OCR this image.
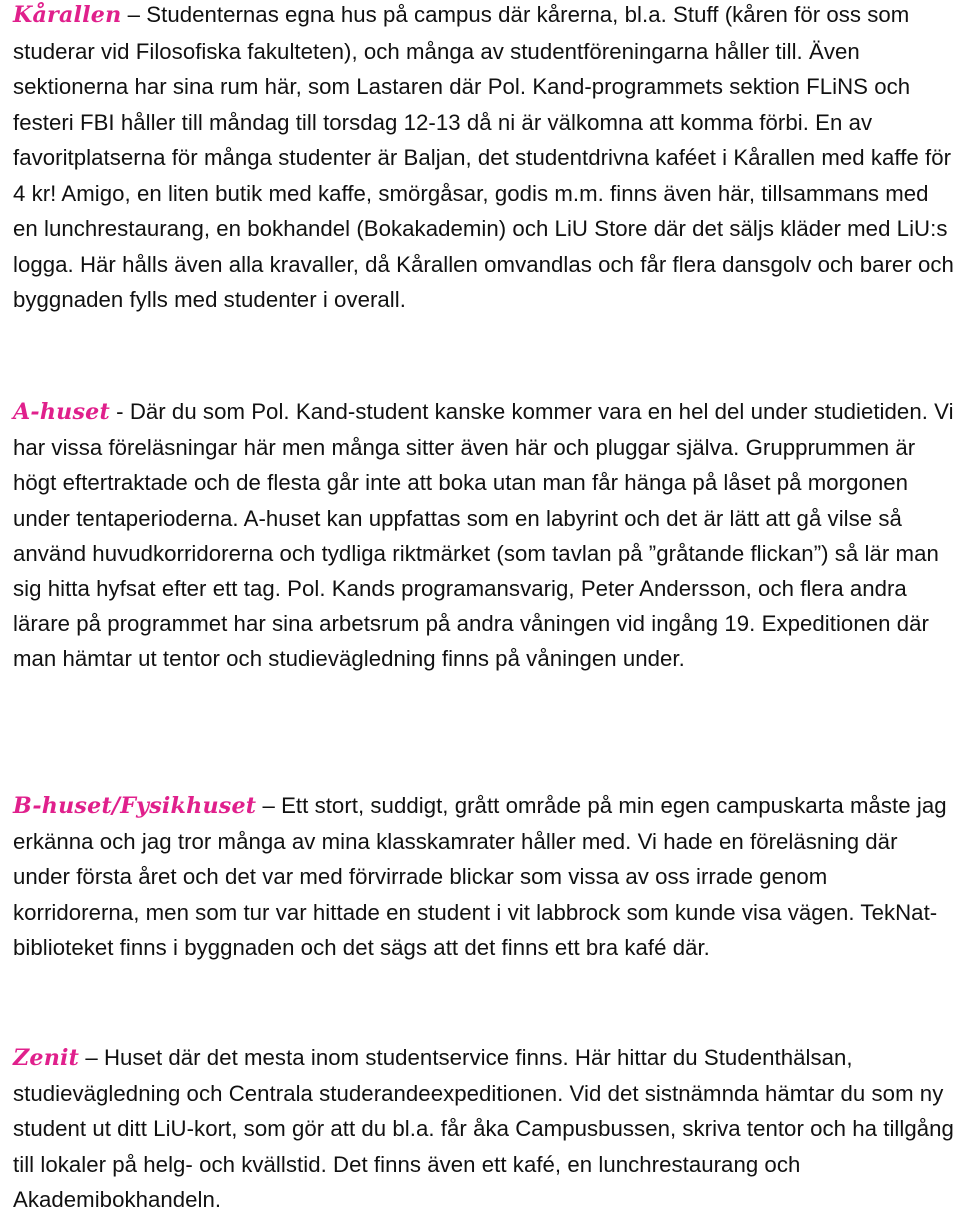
Kårallen – Studenternas egna hus på campus där kårerna, bl.a. Stuff (kåren för oss som studerar vid Filosofiska fakulteten), och många av studentföreningarna håller till. Även sektionerna har sina rum här, som Lastaren där Pol. Kand-programmets sektion FLiNS och festeri FBI håller till måndag till torsdag 12-13 då ni är välkomna att komma förbi. En av favoritplatserna för många studenter är Baljan, det studentdrivna kaféet i Kårallen med kaffe för 4 kr! Amigo, en liten butik med kaffe, smörgåsar, godis m.m. finns även här, tillsammans med en lunchrestaurang, en bokhandel (Bokakademin) och LiU Store där det säljs kläder med LiU:s logga. Här hålls även alla kravaller, då Kårallen omvandlas och får flera dansgolv och barer och byggnaden fylls med studenter i overall.

A-huset - Där du som Pol. Kand-student kanske kommer vara en hel del under studietiden. Vi har vissa föreläsningar här men många sitter även här och pluggar själva. Grupprummen är högt eftertraktade och de flesta går inte att boka utan man får hänga på låset på morgonen under tentaperioderna. A-huset kan uppfattas som en labyrint och det är lätt att gå vilse så använd huvudkorridorerna och tydliga riktmärket (som tavlan på ”gråtande flickan”) så lär man sig hitta hyfsat efter ett tag. Pol. Kands programansvarig, Peter Andersson, och flera andra lärare på programmet har sina arbetsrum på andra våningen vid ingång 19. Expeditionen där man hämtar ut tentor och studievägledning finns på våningen under.

B-huset/Fysikhuset – Ett stort, suddigt, grått område på min egen campuskarta måste jag erkänna och jag tror många av mina klasskamrater håller med. Vi hade en föreläsning där under första året och det var med förvirrade blickar som vissa av oss irrade genom korridorerna, men som tur var hittade en student i vit labbrock som kunde visa vägen. TekNat-biblioteket finns i byggnaden och det sägs att det finns ett bra kafé där.

Zenit – Huset där det mesta inom studentservice finns. Här hittar du Studenthälsan, studievägledning och Centrala studerandeexpeditionen. Vid det sistnämnda hämtar du som ny student ut ditt LiU-kort, som gör att du bl.a. får åka Campusbussen, skriva tentor och ha tillgång till lokaler på helg- och kvällstid. Det finns även ett kafé, en lunchrestaurang och Akademibokhandeln.
